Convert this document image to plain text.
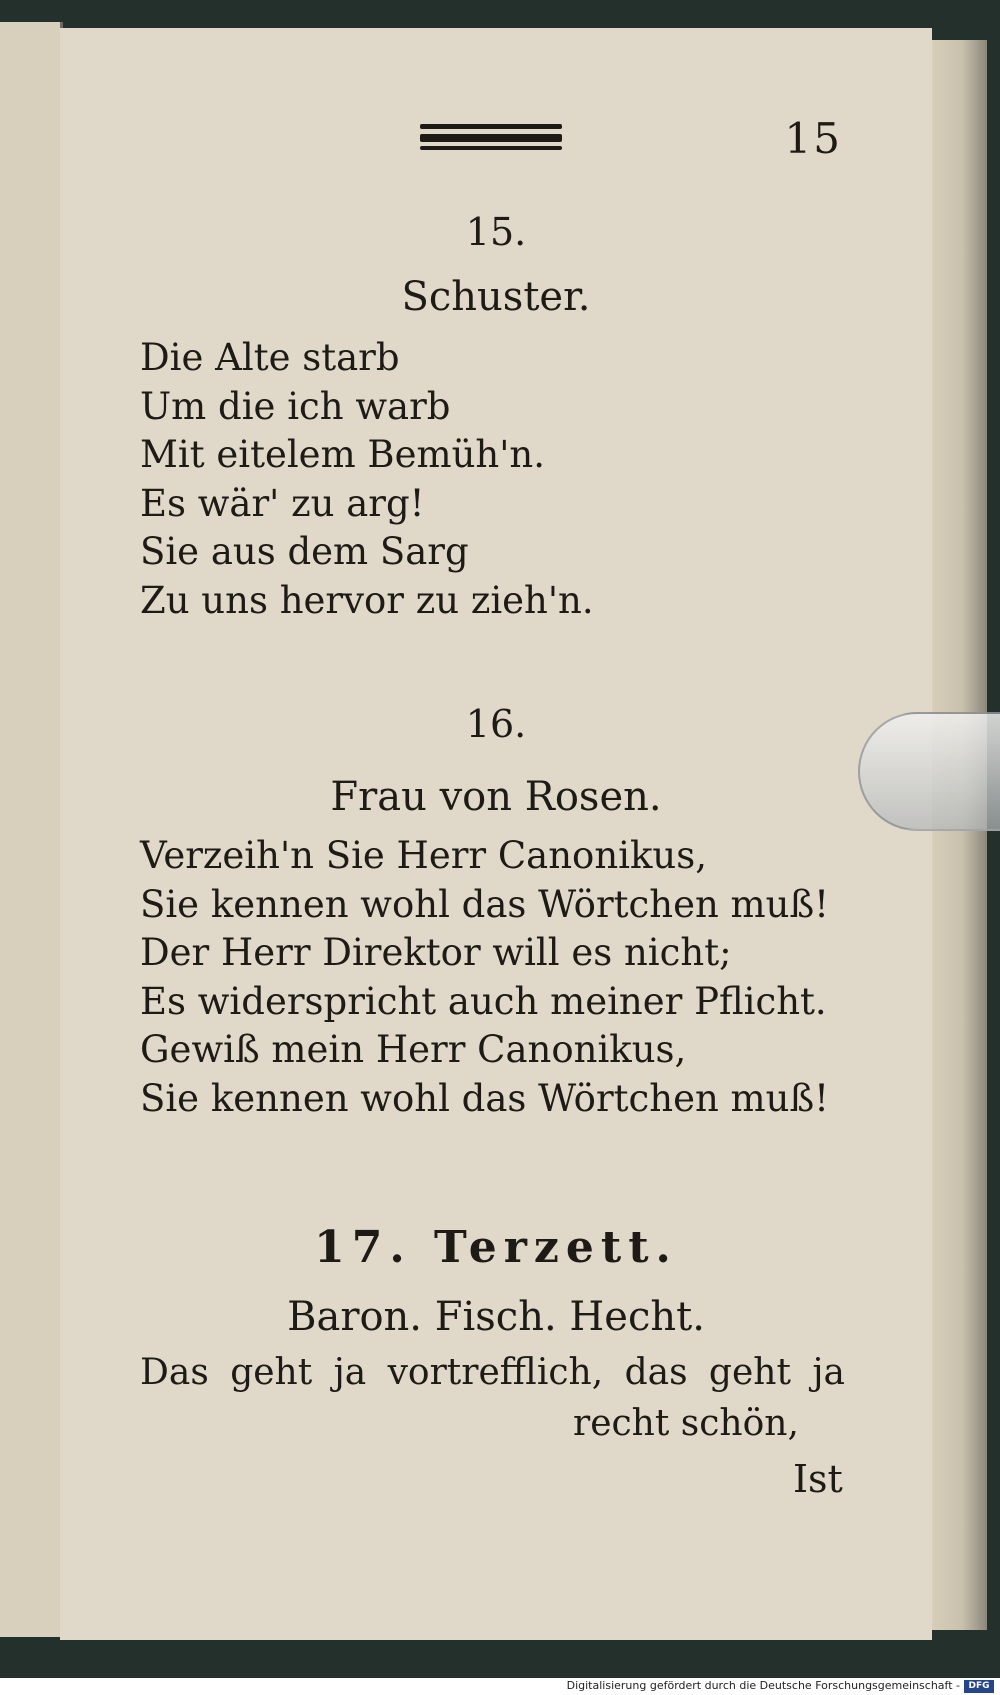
15
15.
Schuster.
Die Alte starb
Um die ich warb
Mit eitelem Bemüh'n.
Es wär' zu arg!
Sie aus dem Sarg
Zu uns hervor zu zieh'n.
16.
Frau von Rosen.
Verzeih'n Sie Herr Canonikus,
Sie kennen wohl das Wörtchen muß!
Der Herr Direktor will es nicht;
Es widerspricht auch meiner Pflicht.
Gewiß mein Herr Canonikus,
Sie kennen wohl das Wörtchen muß!
17. Terzett.
Baron. Fisch. Hecht.
Das geht ja vortrefflich, das geht ja
recht schön,
Ist
Digitalisierung gefördert durch die Deutsche Forschungsgemeinschaft - DFG
